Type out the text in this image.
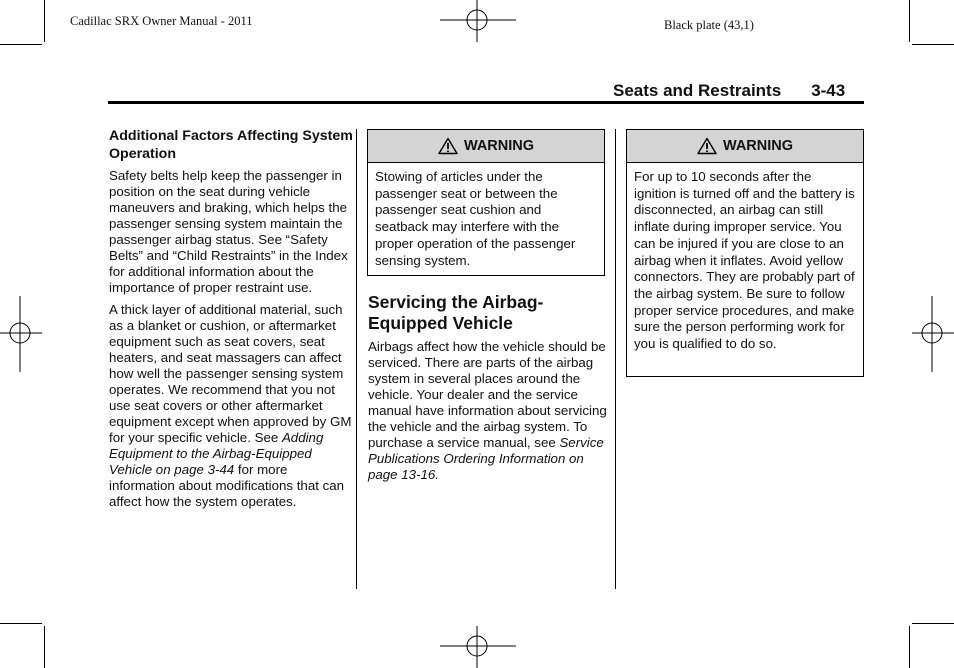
Cadillac SRX Owner Manual - 2011	Black plate (43,1)
Seats and Restraints 3-43

Additional Factors Affecting System Operation

Safety belts help keep the passenger in position on the seat during vehicle maneuvers and braking, which helps the passenger sensing system maintain the passenger airbag status. See “Safety Belts” and “Child Restraints” in the Index for additional information about the importance of proper restraint use.

A thick layer of additional material, such as a blanket or cushion, or aftermarket equipment such as seat covers, seat heaters, and seat massagers can affect how well the passenger sensing system operates. We recommend that you not use seat covers or other aftermarket equipment except when approved by GM for your specific vehicle. See Adding Equipment to the Airbag-Equipped Vehicle on page 3-44 for more information about modifications that can affect how the system operates.

WARNING
Stowing of articles under the passenger seat or between the passenger seat cushion and seatback may interfere with the proper operation of the passenger sensing system.
Servicing the Airbag-Equipped Vehicle
Airbags affect how the vehicle should be serviced. There are parts of the airbag system in several places around the vehicle. Your dealer and the service manual have information about servicing the vehicle and the airbag system. To purchase a service manual, see Service Publications Ordering Information on page 13-16.
WARNING
For up to 10 seconds after the ignition is turned off and the battery is disconnected, an airbag can still inflate during improper service. You can be injured if you are close to an airbag when it inflates. Avoid yellow connectors. They are probably part of the airbag system. Be sure to follow proper service procedures, and make sure the person performing work for you is qualified to do so.
